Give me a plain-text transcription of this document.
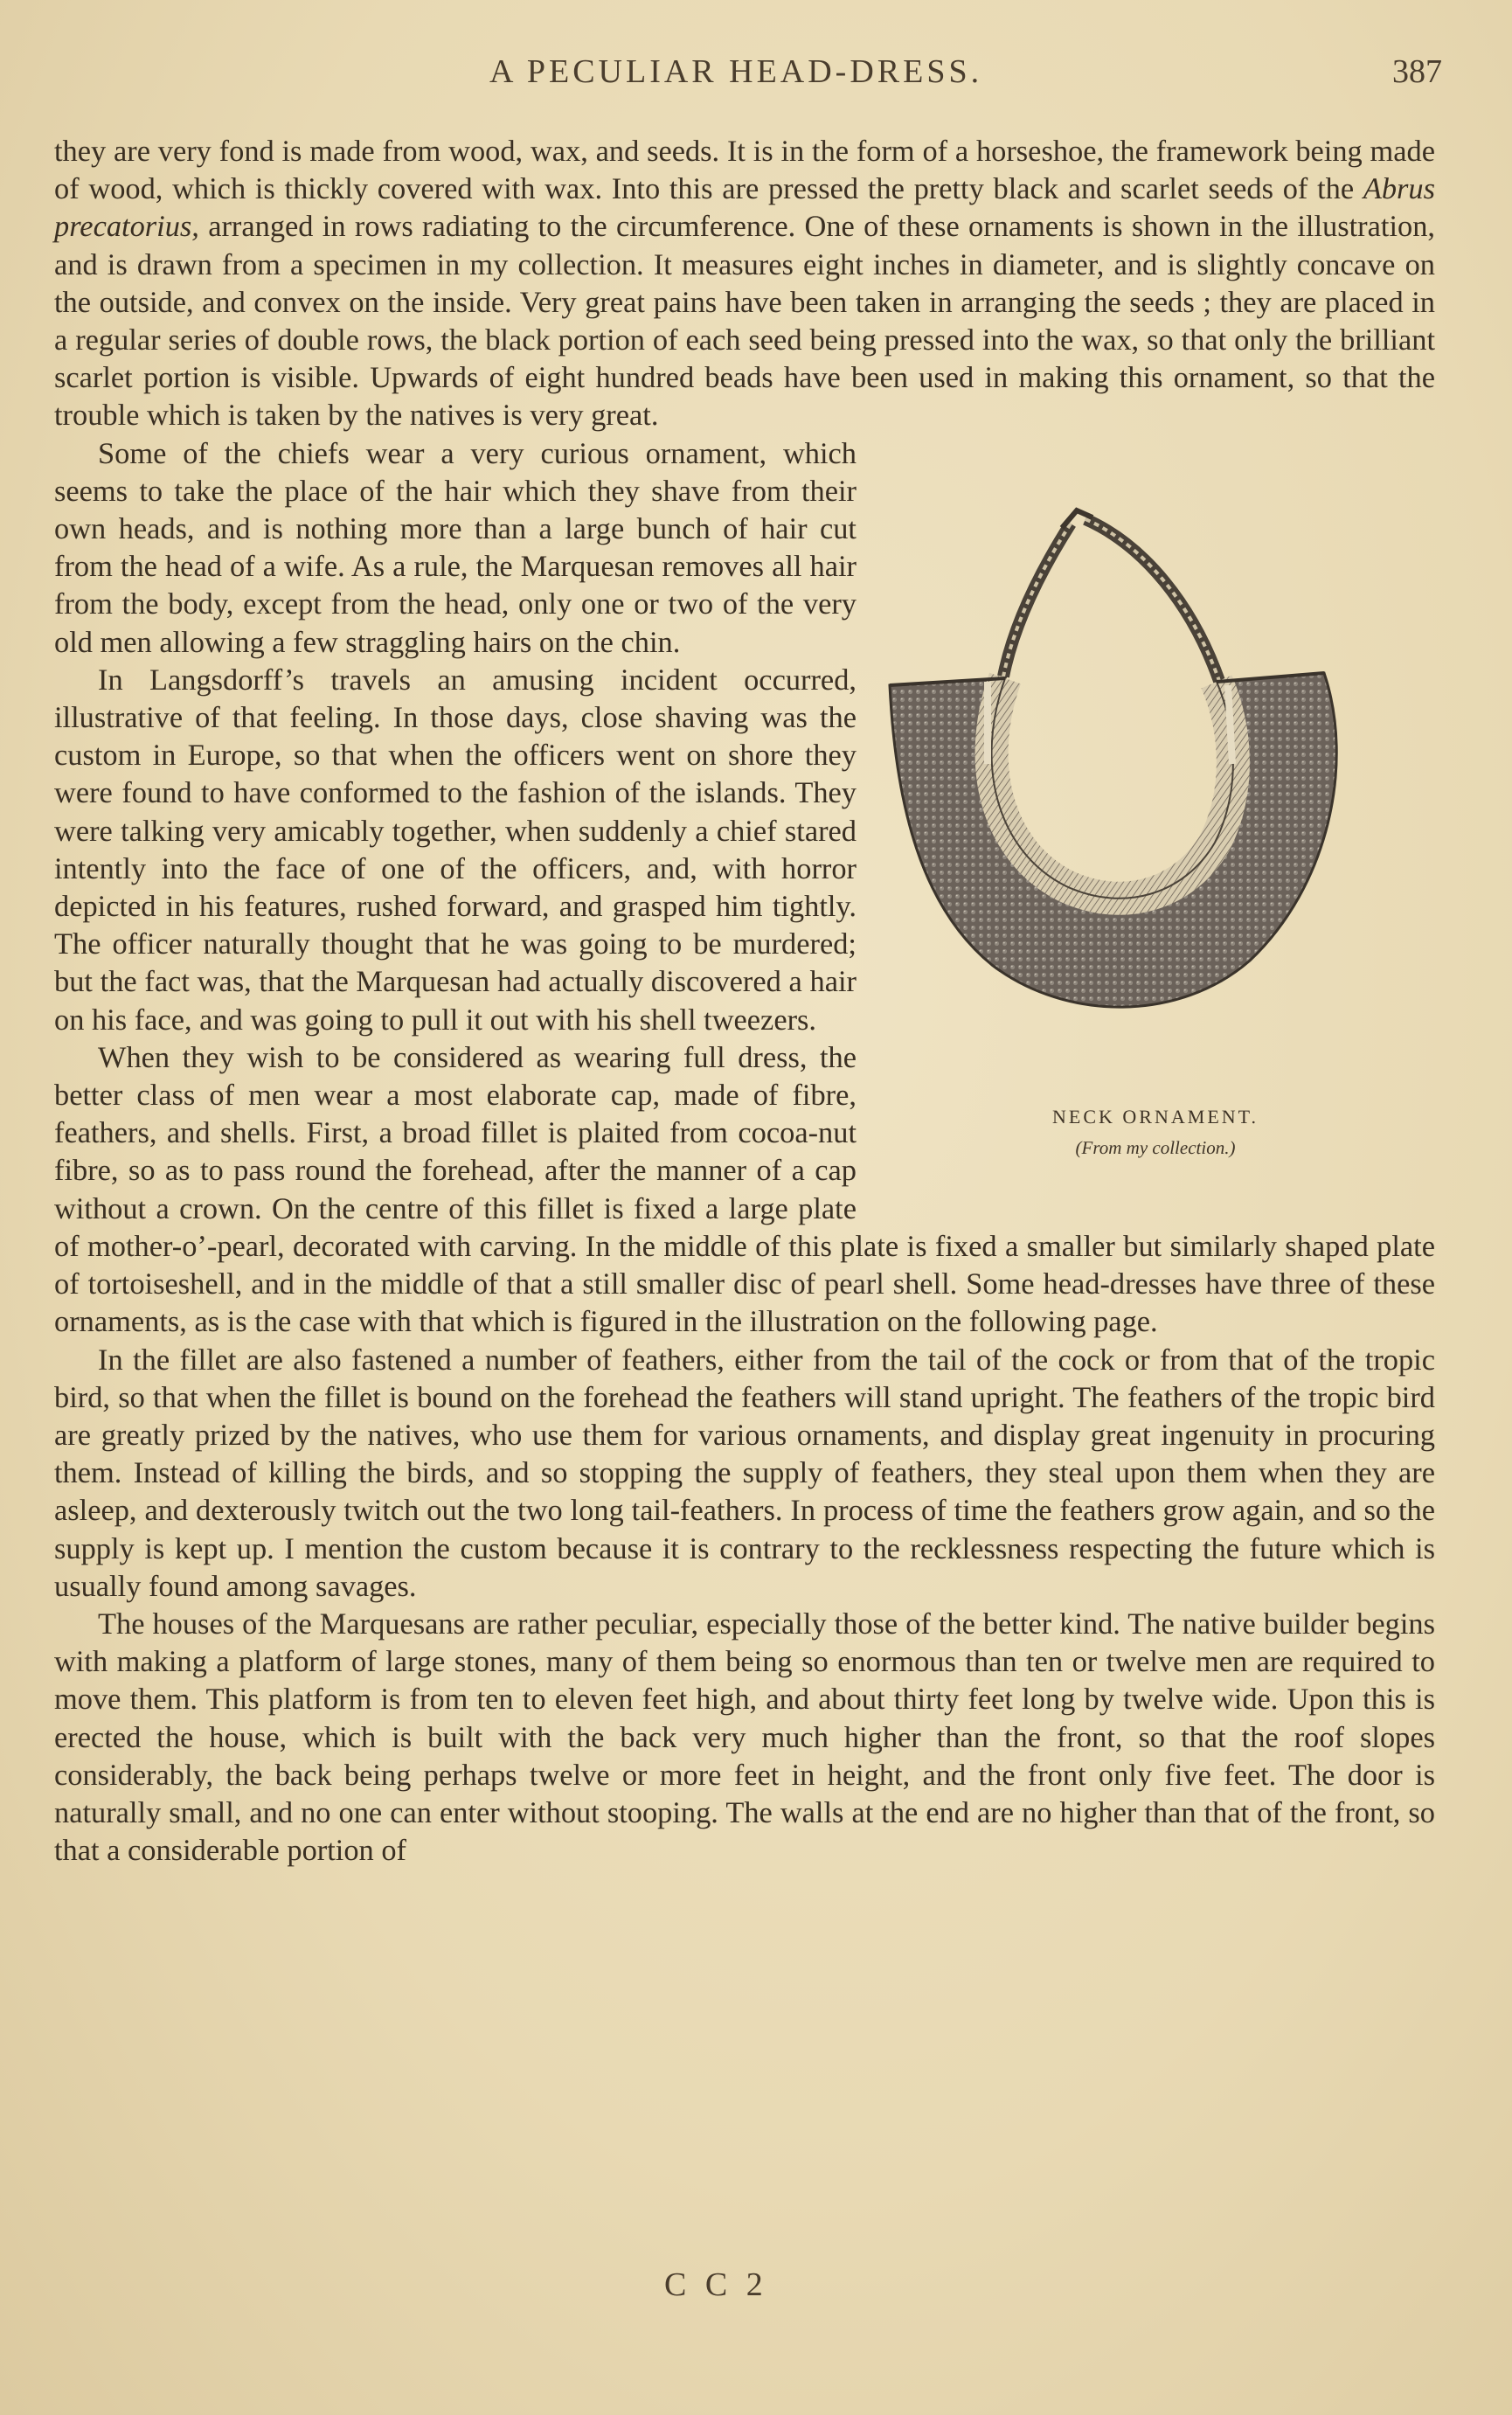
A PECULIAR HEAD-DRESS.	387

they are very fond is made from wood, wax, and seeds. It is in the form of a horseshoe, the framework being made of wood, which is thickly covered with wax. Into this are pressed the pretty black and scarlet seeds of the Abrus precatorius, arranged in rows radiating to the circumference. One of these ornaments is shown in the illustration, and is drawn from a specimen in my collection. It measures eight inches in diameter, and is slightly concave on the outside, and convex on the inside. Very great pains have been taken in arranging the seeds ; they are placed in a regular series of double rows, the black portion of each seed being pressed into the wax, so that only the brilliant scarlet portion is visible. Upwards of eight hundred beads have been used in making this ornament, so that the trouble which is taken by the natives is very great.

NECK ORNAMENT.
(From my collection.)

Some of the chiefs wear a very curious ornament, which seems to take the place of the hair which they shave from their own heads, and is nothing more than a large bunch of hair cut from the head of a wife. As a rule, the Marquesan removes all hair from the body, except from the head, only one or two of the very old men allowing a few straggling hairs on the chin.

In Langsdorff’s travels an amusing incident occurred, illustrative of that feeling. In those days, close shaving was the custom in Europe, so that when the officers went on shore they were found to have conformed to the fashion of the islands. They were talking very amicably together, when suddenly a chief stared intently into the face of one of the officers, and, with horror depicted in his features, rushed forward, and grasped him tightly. The officer naturally thought that he was going to be murdered; but the fact was, that the Marquesan had actually discovered a hair on his face, and was going to pull it out with his shell tweezers.

When they wish to be considered as wearing full dress, the better class of men wear a most elaborate cap, made of fibre, feathers, and shells. First, a broad fillet is plaited from cocoa-nut fibre, so as to pass round the forehead, after the manner of a cap without a crown. On the centre of this fillet is fixed a large plate of mother-o’-pearl, decorated with carving. In the middle of this plate is fixed a smaller but similarly shaped plate of tortoiseshell, and in the middle of that a still smaller disc of pearl shell. Some head-dresses have three of these ornaments, as is the case with that which is figured in the illustration on the following page.

In the fillet are also fastened a number of feathers, either from the tail of the cock or from that of the tropic bird, so that when the fillet is bound on the forehead the feathers will stand upright. The feathers of the tropic bird are greatly prized by the natives, who use them for various ornaments, and display great ingenuity in procuring them. Instead of killing the birds, and so stopping the supply of feathers, they steal upon them when they are asleep, and dexterously twitch out the two long tail-feathers. In process of time the feathers grow again, and so the supply is kept up. I mention the custom because it is contrary to the recklessness respecting the future which is usually found among savages.

The houses of the Marquesans are rather peculiar, especially those of the better kind. The native builder begins with making a platform of large stones, many of them being so enormous than ten or twelve men are required to move them. This platform is from ten to eleven feet high, and about thirty feet long by twelve wide. Upon this is erected the house, which is built with the back very much higher than the front, so that the roof slopes considerably, the back being perhaps twelve or more feet in height, and the front only five feet. The door is naturally small, and no one can enter without stooping. The walls at the end are no higher than that of the front, so that a considerable portion of

C C 2
